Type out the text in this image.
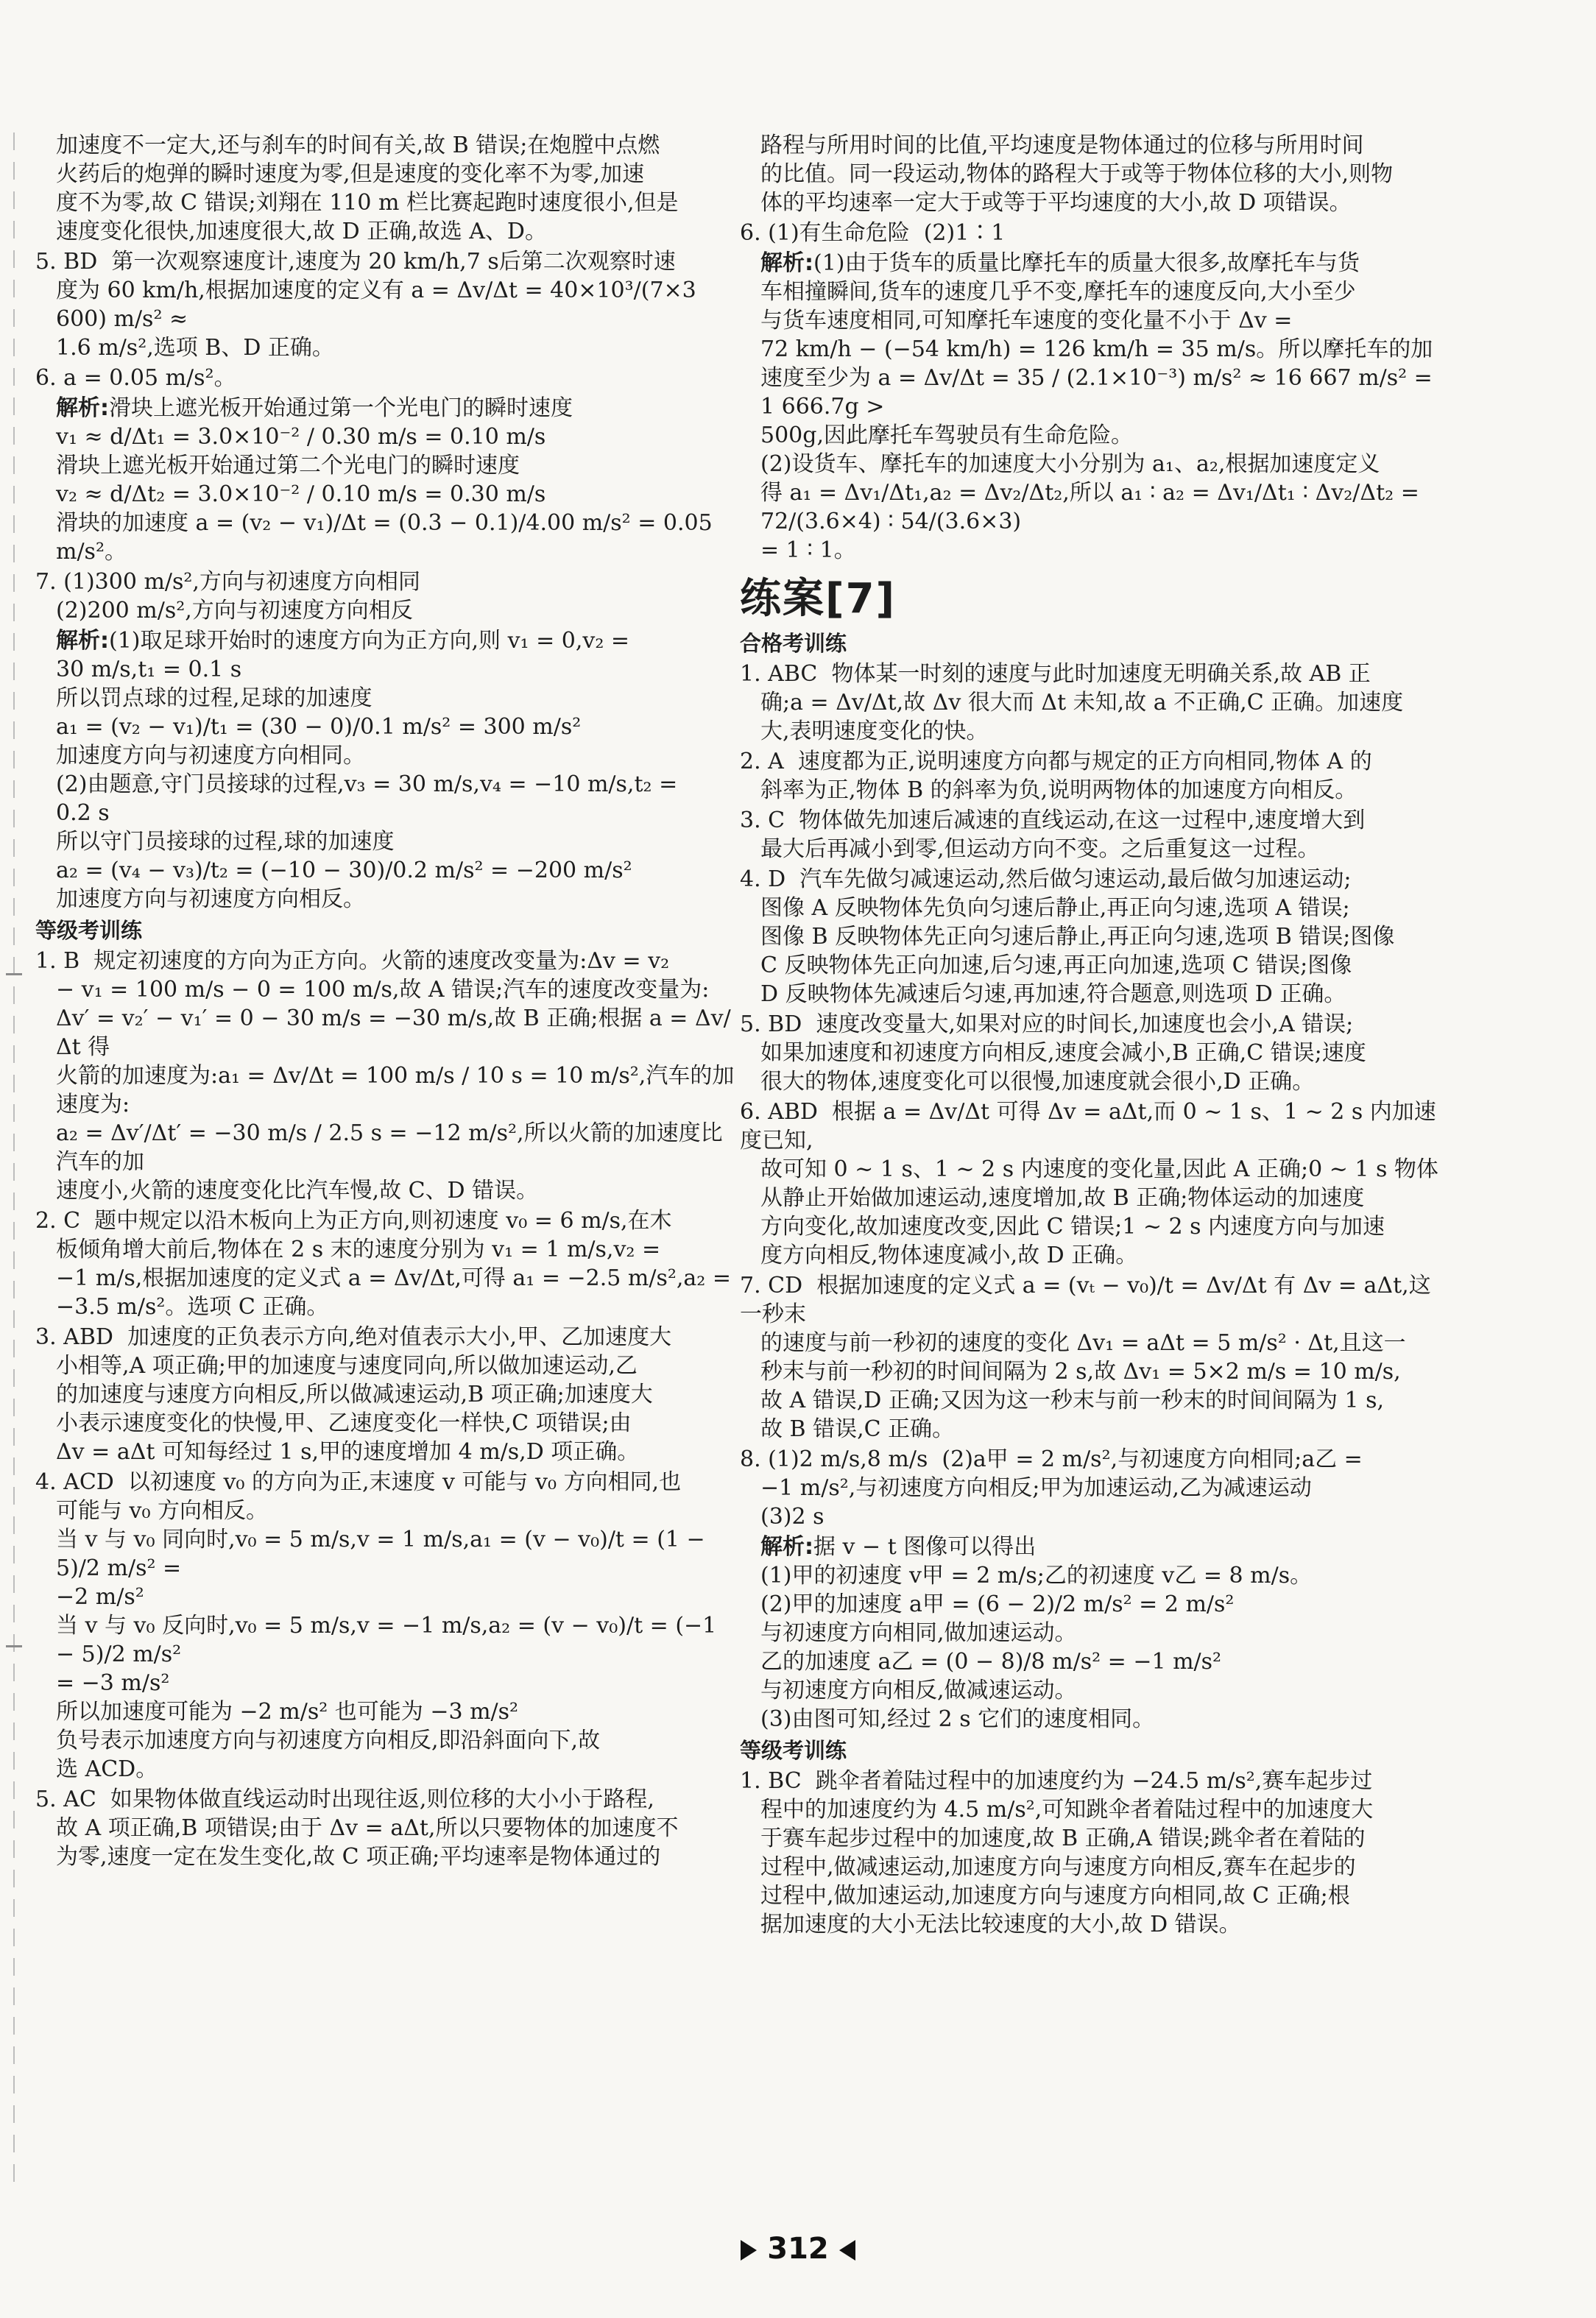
加速度不一定大,还与刹车的时间有关,故 B 错误;在炮膛中点燃
火药后的炮弹的瞬时速度为零,但是速度的变化率不为零,加速
度不为零,故 C 错误;刘翔在 110 m 栏比赛起跑时速度很小,但是
速度变化很快,加速度很大,故 D 正确,故选 A、D。
5. BD  第一次观察速度计,速度为 20 km/h,7 s后第二次观察时速
度为 60 km/h,根据加速度的定义有 a = Δv/Δt = 40×10³/(7×3 600) m/s² ≈
1.6 m/s²,选项 B、D 正确。
6. a = 0.05 m/s²。
解析:滑块上遮光板开始通过第一个光电门的瞬时速度
v₁ ≈ d/Δt₁ = 3.0×10⁻² / 0.30 m/s = 0.10 m/s
滑块上遮光板开始通过第二个光电门的瞬时速度
v₂ ≈ d/Δt₂ = 3.0×10⁻² / 0.10 m/s = 0.30 m/s
滑块的加速度 a = (v₂ − v₁)/Δt = (0.3 − 0.1)/4.00 m/s² = 0.05 m/s²。
7. (1)300 m/s²,方向与初速度方向相同
(2)200 m/s²,方向与初速度方向相反
解析:(1)取足球开始时的速度方向为正方向,则 v₁ = 0,v₂ =
30 m/s,t₁ = 0.1 s
所以罚点球的过程,足球的加速度
a₁ = (v₂ − v₁)/t₁ = (30 − 0)/0.1 m/s² = 300 m/s²
加速度方向与初速度方向相同。
(2)由题意,守门员接球的过程,v₃ = 30 m/s,v₄ = −10 m/s,t₂ =
0.2 s
所以守门员接球的过程,球的加速度
a₂ = (v₄ − v₃)/t₂ = (−10 − 30)/0.2 m/s² = −200 m/s²
加速度方向与初速度方向相反。
等级考训练
1. B  规定初速度的方向为正方向。火箭的速度改变量为:Δv = v₂
− v₁ = 100 m/s − 0 = 100 m/s,故 A 错误;汽车的速度改变量为:
Δv′ = v₂′ − v₁′ = 0 − 30 m/s = −30 m/s,故 B 正确;根据 a = Δv/Δt 得
火箭的加速度为:a₁ = Δv/Δt = 100 m/s / 10 s = 10 m/s²,汽车的加速度为:
a₂ = Δv′/Δt′ = −30 m/s / 2.5 s = −12 m/s²,所以火箭的加速度比汽车的加
速度小,火箭的速度变化比汽车慢,故 C、D 错误。
2. C  题中规定以沿木板向上为正方向,则初速度 v₀ = 6 m/s,在木
板倾角增大前后,物体在 2 s 末的速度分别为 v₁ = 1 m/s,v₂ =
−1 m/s,根据加速度的定义式 a = Δv/Δt,可得 a₁ = −2.5 m/s²,a₂ =
−3.5 m/s²。选项 C 正确。
3. ABD  加速度的正负表示方向,绝对值表示大小,甲、乙加速度大
小相等,A 项正确;甲的加速度与速度同向,所以做加速运动,乙
的加速度与速度方向相反,所以做减速运动,B 项正确;加速度大
小表示速度变化的快慢,甲、乙速度变化一样快,C 项错误;由
Δv = aΔt 可知每经过 1 s,甲的速度增加 4 m/s,D 项正确。
4. ACD  以初速度 v₀ 的方向为正,末速度 v 可能与 v₀ 方向相同,也
可能与 v₀ 方向相反。
当 v 与 v₀ 同向时,v₀ = 5 m/s,v = 1 m/s,a₁ = (v − v₀)/t = (1 − 5)/2 m/s² =
−2 m/s²
当 v 与 v₀ 反向时,v₀ = 5 m/s,v = −1 m/s,a₂ = (v − v₀)/t = (−1 − 5)/2 m/s²
= −3 m/s²
所以加速度可能为 −2 m/s² 也可能为 −3 m/s²
负号表示加速度方向与初速度方向相反,即沿斜面向下,故
选 ACD。
5. AC  如果物体做直线运动时出现往返,则位移的大小小于路程,
故 A 项正确,B 项错误;由于 Δv = aΔt,所以只要物体的加速度不
为零,速度一定在发生变化,故 C 项正确;平均速率是物体通过的
路程与所用时间的比值,平均速度是物体通过的位移与所用时间
的比值。同一段运动,物体的路程大于或等于物体位移的大小,则物
体的平均速率一定大于或等于平均速度的大小,故 D 项错误。
6. (1)有生命危险  (2)1∶1
解析:(1)由于货车的质量比摩托车的质量大很多,故摩托车与货
车相撞瞬间,货车的速度几乎不变,摩托车的速度反向,大小至少
与货车速度相同,可知摩托车速度的变化量不小于 Δv =
72 km/h − (−54 km/h) = 126 km/h = 35 m/s。所以摩托车的加
速度至少为 a = Δv/Δt = 35 / (2.1×10⁻³) m/s² ≈ 16 667 m/s² = 1 666.7g >
500g,因此摩托车驾驶员有生命危险。
(2)设货车、摩托车的加速度大小分别为 a₁、a₂,根据加速度定义
得 a₁ = Δv₁/Δt₁,a₂ = Δv₂/Δt₂,所以 a₁ ∶ a₂ = Δv₁/Δt₁ ∶ Δv₂/Δt₂ = 72/(3.6×4) ∶ 54/(3.6×3)
= 1 ∶ 1。
练案[7]
合格考训练
1. ABC  物体某一时刻的速度与此时加速度无明确关系,故 AB 正
确;a = Δv/Δt,故 Δv 很大而 Δt 未知,故 a 不正确,C 正确。加速度
大,表明速度变化的快。
2. A  速度都为正,说明速度方向都与规定的正方向相同,物体 A 的
斜率为正,物体 B 的斜率为负,说明两物体的加速度方向相反。
3. C  物体做先加速后减速的直线运动,在这一过程中,速度增大到
最大后再减小到零,但运动方向不变。之后重复这一过程。
4. D  汽车先做匀减速运动,然后做匀速运动,最后做匀加速运动;
图像 A 反映物体先负向匀速后静止,再正向匀速,选项 A 错误;
图像 B 反映物体先正向匀速后静止,再正向匀速,选项 B 错误;图像
C 反映物体先正向加速,后匀速,再正向加速,选项 C 错误;图像
D 反映物体先减速后匀速,再加速,符合题意,则选项 D 正确。
5. BD  速度改变量大,如果对应的时间长,加速度也会小,A 错误;
如果加速度和初速度方向相反,速度会减小,B 正确,C 错误;速度
很大的物体,速度变化可以很慢,加速度就会很小,D 正确。
6. ABD  根据 a = Δv/Δt 可得 Δv = aΔt,而 0 ~ 1 s、1 ~ 2 s 内加速度已知,
故可知 0 ~ 1 s、1 ~ 2 s 内速度的变化量,因此 A 正确;0 ~ 1 s 物体
从静止开始做加速运动,速度增加,故 B 正确;物体运动的加速度
方向变化,故加速度改变,因此 C 错误;1 ~ 2 s 内速度方向与加速
度方向相反,物体速度减小,故 D 正确。
7. CD  根据加速度的定义式 a = (vₜ − v₀)/t = Δv/Δt 有 Δv = aΔt,这一秒末
的速度与前一秒初的速度的变化 Δv₁ = aΔt = 5 m/s² · Δt,且这一
秒末与前一秒初的时间间隔为 2 s,故 Δv₁ = 5×2 m/s = 10 m/s,
故 A 错误,D 正确;又因为这一秒末与前一秒末的时间间隔为 1 s,
故 B 错误,C 正确。
8. (1)2 m/s,8 m/s  (2)a甲 = 2 m/s²,与初速度方向相同;a乙 =
−1 m/s²,与初速度方向相反;甲为加速运动,乙为减速运动
(3)2 s
解析:据 v − t 图像可以得出
(1)甲的初速度 v甲 = 2 m/s;乙的初速度 v乙 = 8 m/s。
(2)甲的加速度 a甲 = (6 − 2)/2 m/s² = 2 m/s²
与初速度方向相同,做加速运动。
乙的加速度 a乙 = (0 − 8)/8 m/s² = −1 m/s²
与初速度方向相反,做减速运动。
(3)由图可知,经过 2 s 它们的速度相同。
等级考训练
1. BC  跳伞者着陆过程中的加速度约为 −24.5 m/s²,赛车起步过
程中的加速度约为 4.5 m/s²,可知跳伞者着陆过程中的加速度大
于赛车起步过程中的加速度,故 B 正确,A 错误;跳伞者在着陆的
过程中,做减速运动,加速度方向与速度方向相反,赛车在起步的
过程中,做加速运动,加速度方向与速度方向相同,故 C 正确;根
据加速度的大小无法比较速度的大小,故 D 错误。
312
